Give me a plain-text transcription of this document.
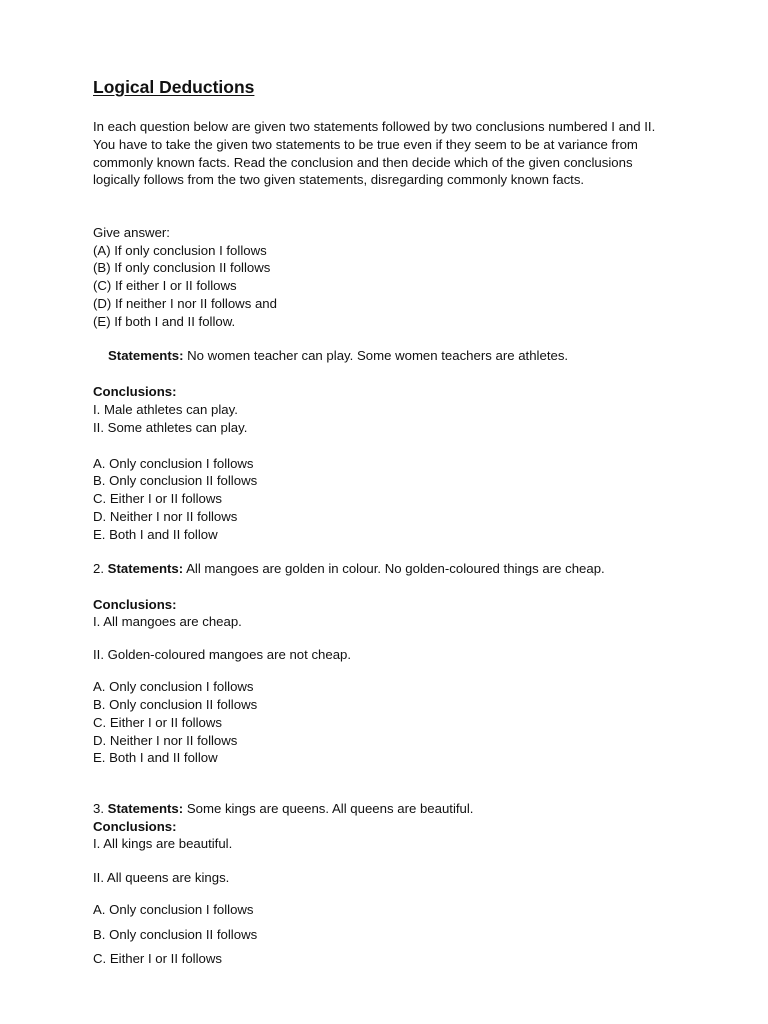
Logical Deductions
In each question below are given two statements followed by two conclusions numbered I and II. You have to take the given two statements to be true even if they seem to be at variance from commonly known facts. Read the conclusion and then decide which of the given conclusions logically follows from the two given statements, disregarding commonly known facts.
Give answer:
(A) If only conclusion I follows
(B) If only conclusion II follows
(C) If either I or II follows
(D) If neither I nor II follows and
(E) If both I and II follow.
Statements: No women teacher can play. Some women teachers are athletes.
Conclusions:
I. Male athletes can play.
II. Some athletes can play.
A. Only conclusion I follows
B. Only conclusion II follows
C. Either I or II follows
D. Neither I nor II follows
E. Both I and II follow
2. Statements: All mangoes are golden in colour. No golden-coloured things are cheap.
Conclusions:
I. All mangoes are cheap.
II. Golden-coloured mangoes are not cheap.
A. Only conclusion I follows
B. Only conclusion II follows
C. Either I or II follows
D. Neither I nor II follows
E. Both I and II follow
3. Statements: Some kings are queens. All queens are beautiful.
Conclusions:
I. All kings are beautiful.
II. All queens are kings.
A. Only conclusion I follows
B. Only conclusion II follows
C. Either I or II follows
